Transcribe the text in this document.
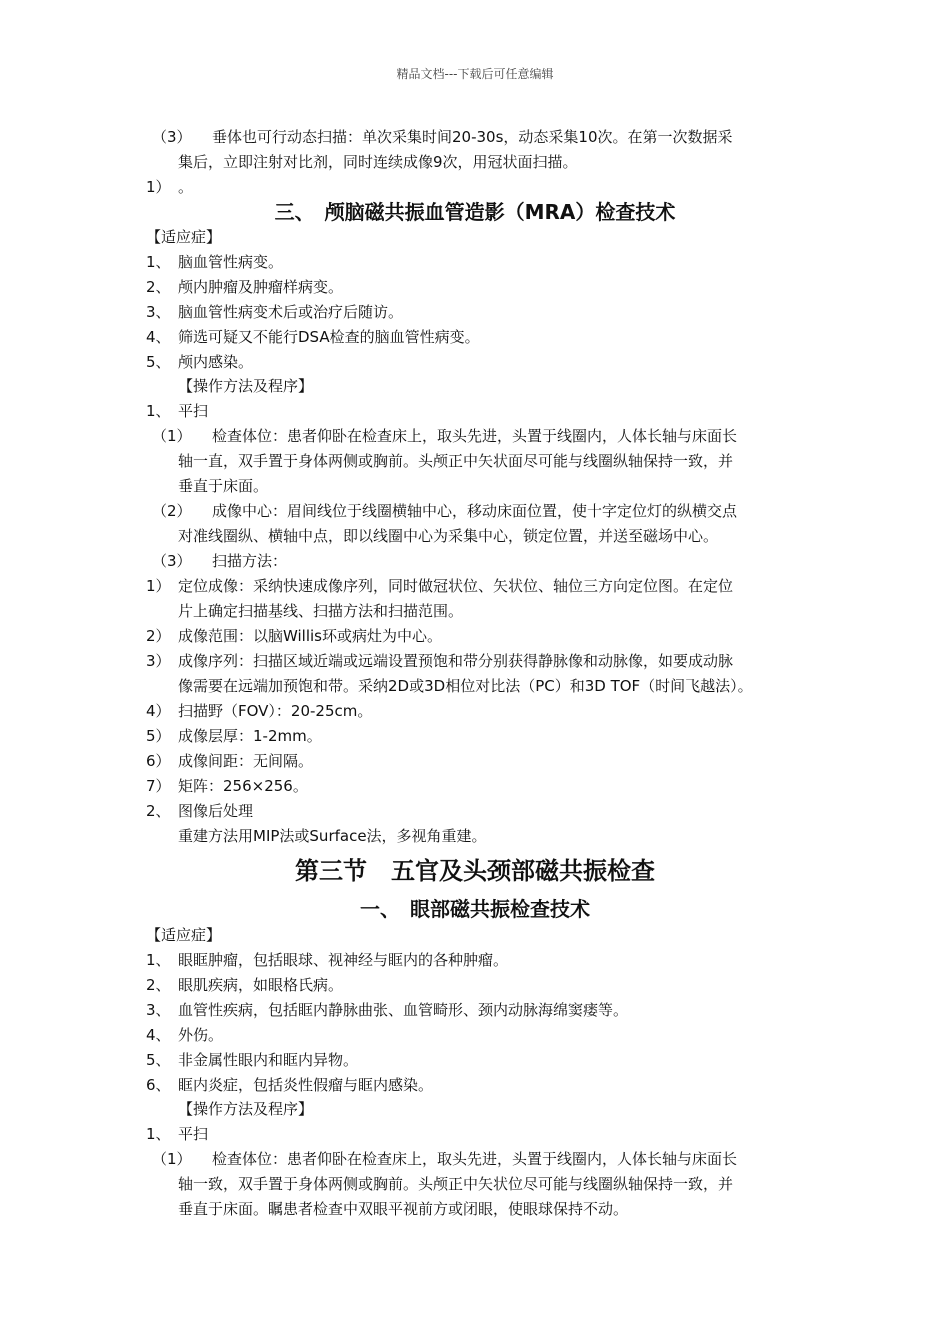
精品文档---下载后可任意编辑
（3） 垂体也可行动态扫描：单次采集时间20-30s，动态采集10次。在第一次数据采
集后，立即注射对比剂，同时连续成像9次，用冠状面扫描。
1） 。
1、 脑血管性病变。
2、 颅内肿瘤及肿瘤样病变。
3、 脑血管性病变术后或治疗后随访。
4、 筛选可疑又不能行DSA检查的脑血管性病变。
5、 颅内感染。
1、 平扫
（1） 检查体位：患者仰卧在检查床上，取头先进，头置于线圈内，人体长轴与床面长
轴一直，双手置于身体两侧或胸前。头颅正中矢状面尽可能与线圈纵轴保持一致，并
垂直于床面。
（2） 成像中心：眉间线位于线圈横轴中心，移动床面位置，使十字定位灯的纵横交点
对准线圈纵、横轴中点，即以线圈中心为采集中心，锁定位置，并送至磁场中心。
（3） 扫描方法：
1） 定位成像：采纳快速成像序列，同时做冠状位、矢状位、轴位三方向定位图。在定位
片上确定扫描基线、扫描方法和扫描范围。
2） 成像范围：以脑Willis环或病灶为中心。
3） 成像序列：扫描区域近端或远端设置预饱和带分别获得静脉像和动脉像，如要成动脉
像需要在远端加预饱和带。采纳2D或3D相位对比法（PC）和3D TOF（时间飞越法）。
4） 扫描野（FOV）：20-25cm。
5） 成像层厚：1-2mm。
6） 成像间距：无间隔。
7） 矩阵：256×256。
2、 图像后处理
重建方法用MIP法或Surface法，多视角重建。
1、 眼眶肿瘤，包括眼球、视神经与眶内的各种肿瘤。
2、 眼肌疾病，如眼格氏病。
3、 血管性疾病，包括眶内静脉曲张、血管畸形、颈内动脉海绵窦瘘等。
4、 外伤。
5、 非金属性眼内和眶内异物。
6、 眶内炎症，包括炎性假瘤与眶内感染。
1、 平扫
（1） 检查体位：患者仰卧在检查床上，取头先进，头置于线圈内，人体长轴与床面长
轴一致，双手置于身体两侧或胸前。头颅正中矢状位尽可能与线圈纵轴保持一致，并
垂直于床面。瞩患者检查中双眼平视前方或闭眼，使眼球保持不动。
三、　颅脑磁共振血管造影（MRA）检查技术
【适应症】
【操作方法及程序】
第三节　五官及头颈部磁共振检查
一、　眼部磁共振检查技术
【适应症】
【操作方法及程序】
